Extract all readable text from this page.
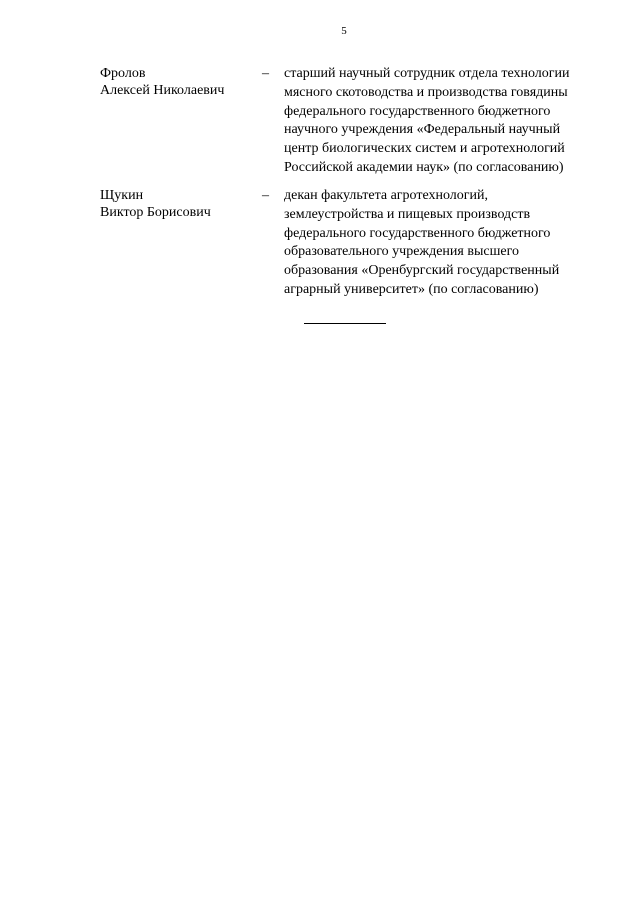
5
Фролов
Алексей Николаевич
– старший научный сотрудник отдела технологии
мясного скотоводства и производства говядины
федерального государственного бюджетного
научного учреждения «Федеральный научный
центр биологических систем и агротехнологий
Российской академии наук» (по согласованию)
Щукин
Виктор Борисович
– декан факультета агротехнологий,
землеустройства и пищевых производств
федерального государственного бюджетного
образовательного учреждения высшего
образования «Оренбургский государственный
аграрный университет» (по согласованию)
